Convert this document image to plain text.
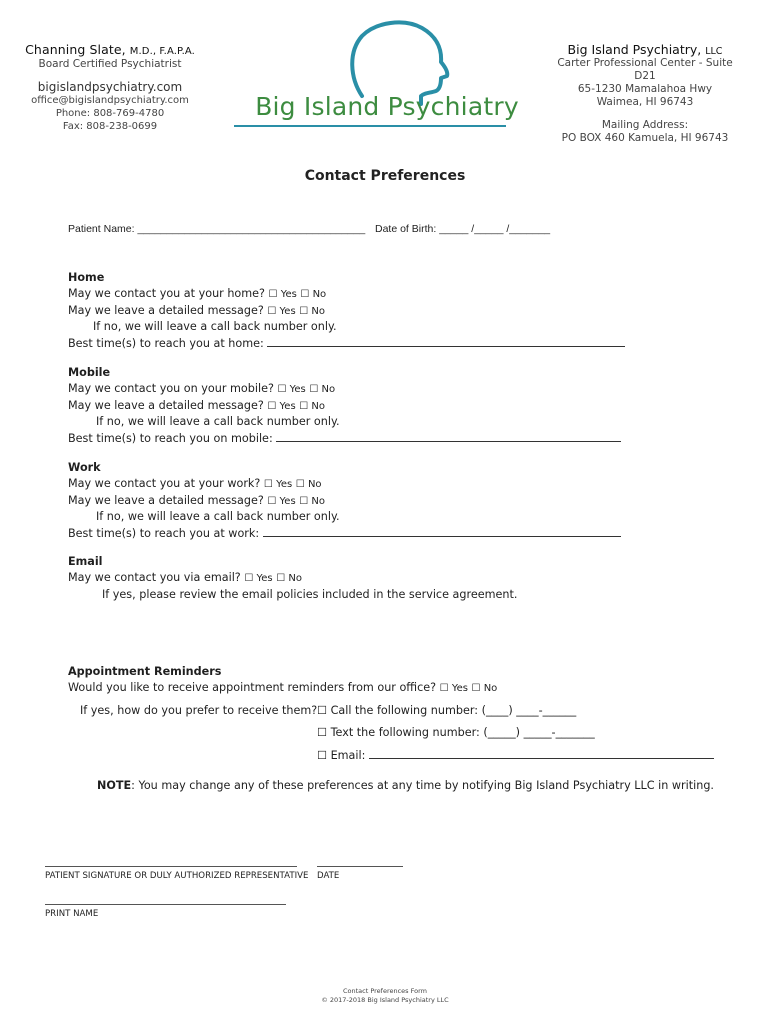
Channing Slate, M.D., F.A.P.A.
Board Certified Psychiatrist
bigislandpsychiatry.com
office@bigislandpsychiatry.com
Phone: 808-769-4780
Fax: 808-238-0699
Big Island Psychiatry
Big Island Psychiatry, LLC
Carter Professional Center - Suite D21
65-1230 Mamalahoa Hwy
Waimea, HI 96743
Mailing Address:
PO BOX 460 Kamuela, HI 96743
Contact Preferences
Patient Name: _______________________________________ Date of Birth: _____ /_____ /_______
Home
May we contact you at your home? ☐ Yes ☐ No
May we leave a detailed message? ☐ Yes ☐ No
If no, we will leave a call back number only.
Best time(s) to reach you at home:
Mobile
May we contact you on your mobile? ☐ Yes ☐ No
May we leave a detailed message? ☐ Yes ☐ No
If no, we will leave a call back number only.
Best time(s) to reach you on mobile:
Work
May we contact you at your work? ☐ Yes ☐ No
May we leave a detailed message? ☐ Yes ☐ No
If no, we will leave a call back number only.
Best time(s) to reach you at work:
Email
May we contact you via email? ☐ Yes ☐ No
If yes, please review the email policies included in the service agreement.
Appointment Reminders
Would you like to receive appointment reminders from our office? ☐ Yes ☐ No
If yes, how do you prefer to receive them? ☐ Call the following number: (____) ____-______
☐ Text the following number: (_____) _____-_______
☐ Email:
NOTE: You may change any of these preferences at any time by notifying Big Island Psychiatry LLC in writing.
PATIENT SIGNATURE OR DULY AUTHORIZED REPRESENTATIVE DATE
PRINT NAME
Contact Preferences Form
© 2017-2018 Big Island Psychiatry LLC
